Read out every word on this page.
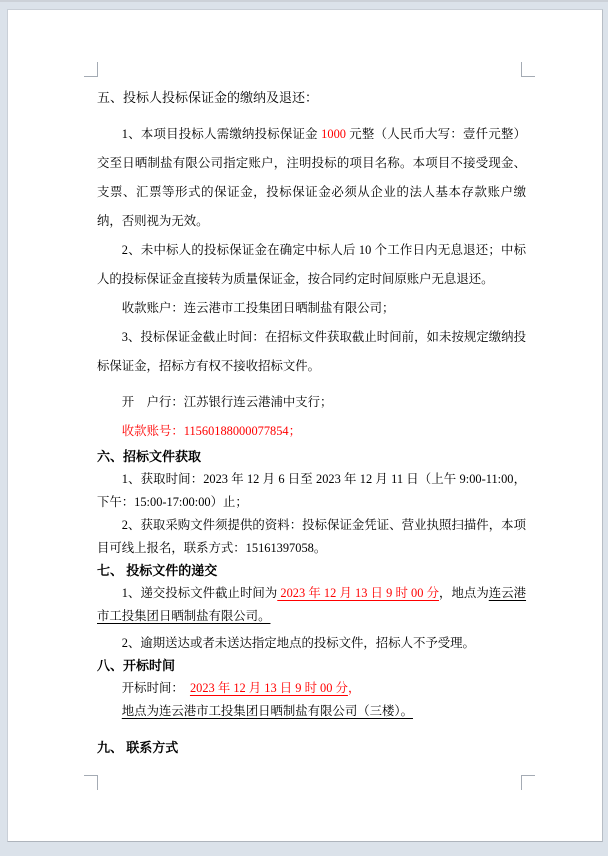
五、投标人投标保证金的缴纳及退还：

1、本项目投标人需缴纳投标保证金 1000 元整（人民币大写：壹仟元整）交至日晒制盐有限公司指定账户，注明投标的项目名称。本项目不接受现金、支票、汇票等形式的保证金，投标保证金必须从企业的法人基本存款账户缴纳，否则视为无效。

2、未中标人的投标保证金在确定中标人后 10 个工作日内无息退还；中标人的投标保证金直接转为质量保证金，按合同约定时间原账户无息退还。

收款账户：连云港市工投集团日晒制盐有限公司；

3、投标保证金截止时间：在招标文件获取截止时间前，如未按规定缴纳投标保证金，招标方有权不接收招标文件。

开　户行：江苏银行连云港浦中支行；

收款账号：11560188000077854；

六、招标文件获取

1、获取时间：2023 年 12 月 6 日至 2023 年 12 月 11 日（上午 9:00-11:00，下午：15:00-17:00:00）止；

2、获取采购文件须提供的资料：投标保证金凭证、营业执照扫描件，本项目可线上报名，联系方式：15161397058。

七、 投标文件的递交

1、递交投标文件截止时间为 2023 年 12 月 13 日 9 时 00 分，地点为连云港市工投集团日晒制盐有限公司。

2、逾期送达或者未送达指定地点的投标文件，招标人不予受理。

八、开标时间

开标时间：  2023 年 12 月 13 日 9 时 00 分，

地点为连云港市工投集团日晒制盐有限公司（三楼）。

九、 联系方式
